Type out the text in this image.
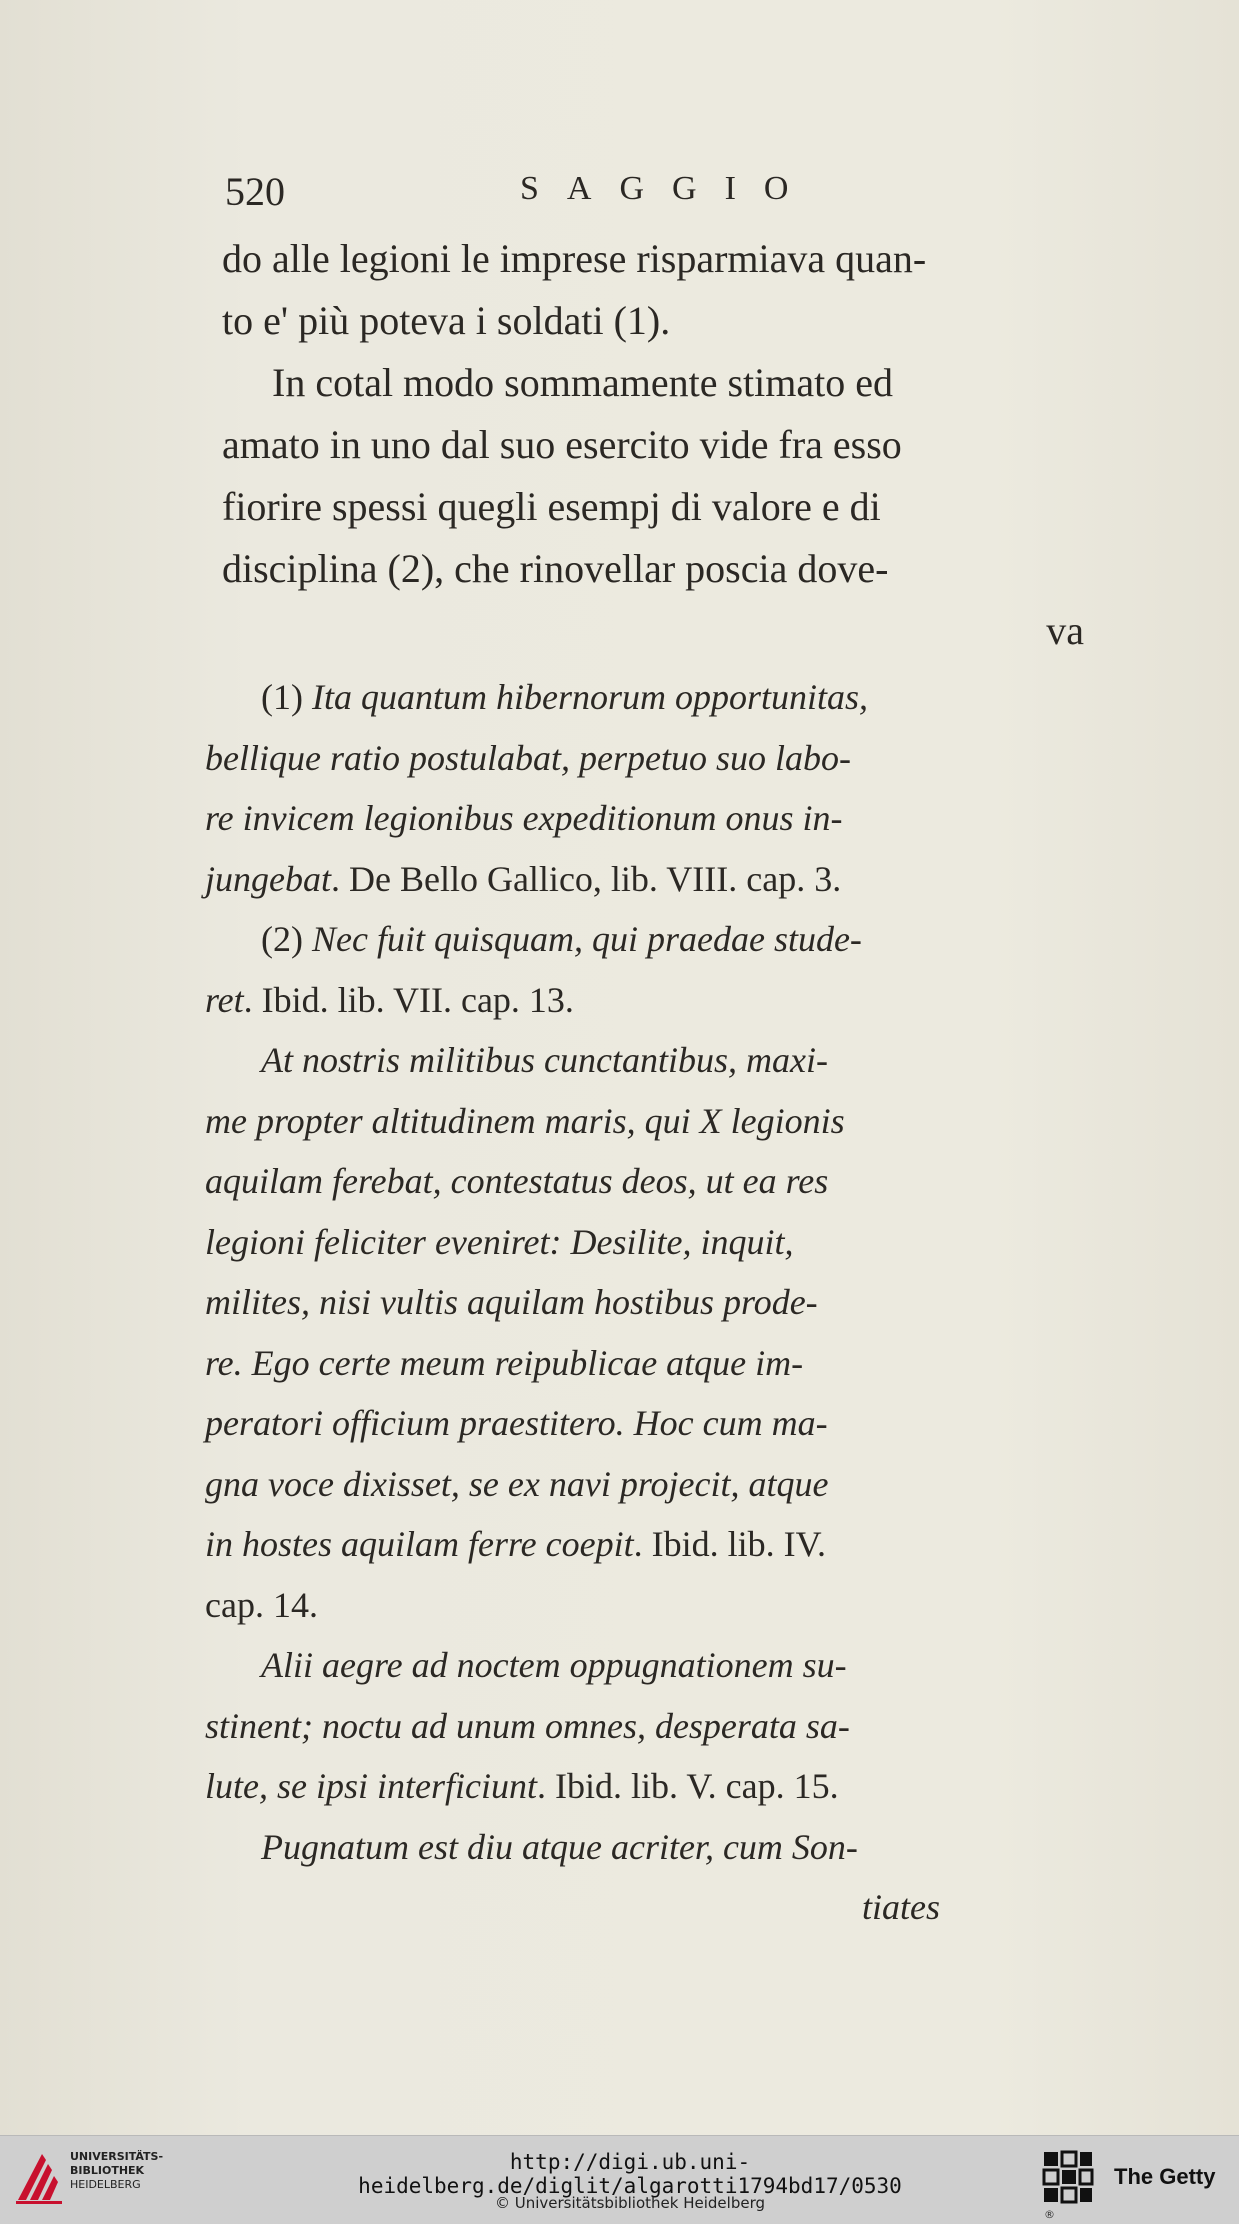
520	SAGGIO
do alle legioni le imprese risparmiava quan-
to e' più poteva i soldati (1).
In cotal modo sommamente stimato ed
amato in uno dal suo esercito vide fra esso
fiorire spessi quegli esempj di valore e di
disciplina (2), che rinovellar poscia dove-
va
(1) Ita quantum hibernorum opportunitas,
bellique ratio postulabat, perpetuo suo labo-
re invicem legionibus expeditionum onus in-
jungebat. De Bello Gallico, lib. VIII. cap. 3.
(2) Nec fuit quisquam, qui praedae stude-
ret. Ibid. lib. VII. cap. 13.
At nostris militibus cunctantibus, maxi-
me propter altitudinem maris, qui X legionis
aquilam ferebat, contestatus deos, ut ea res
legioni feliciter eveniret: Desilite, inquit,
milites, nisi vultis aquilam hostibus prode-
re. Ego certe meum reipublicae atque im-
peratori officium praestitero. Hoc cum ma-
gna voce dixisset, se ex navi projecit, atque
in hostes aquilam ferre coepit. Ibid. lib. IV.
cap. 14.
Alii aegre ad noctem oppugnationem su-
stinent; noctu ad unum omnes, desperata sa-
lute, se ipsi interficiunt. Ibid. lib. V. cap. 15.
Pugnatum est diu atque acriter, cum Son-
tiates
UNIVERSITÄTS-
BIBLIOTHEK
HEIDELBERG
http://digi.ub.uni-heidelberg.de/diglit/algarotti1794bd17/0530
© Universitätsbibliothek Heidelberg
®
The Getty
